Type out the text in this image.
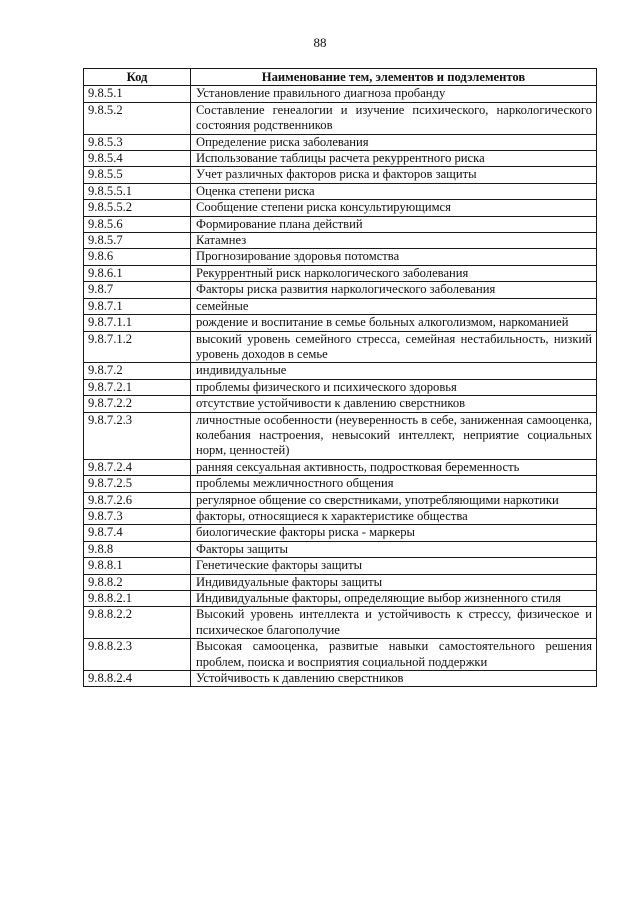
88
Код	Наименование тем, элементов и подэлементов
9.8.5.1	Установление правильного диагноза пробанду
9.8.5.2	Составление генеалогии и изучение психического, наркологического состояния родственников
9.8.5.3	Определение риска заболевания
9.8.5.4	Использование таблицы расчета рекуррентного риска
9.8.5.5	Учет различных факторов риска и факторов защиты
9.8.5.5.1	Оценка степени риска
9.8.5.5.2	Сообщение степени риска консультирующимся
9.8.5.6	Формирование плана действий
9.8.5.7	Катамнез
9.8.6	Прогнозирование здоровья потомства
9.8.6.1	Рекуррентный риск наркологического заболевания
9.8.7	Факторы риска развития наркологического заболевания
9.8.7.1	семейные
9.8.7.1.1	рождение и воспитание в семье больных алкоголизмом, наркоманией
9.8.7.1.2	высокий уровень семейного стресса, семейная нестабильность, низкий уровень доходов в семье
9.8.7.2	индивидуальные
9.8.7.2.1	проблемы физического и психического здоровья
9.8.7.2.2	отсутствие устойчивости к давлению сверстников
9.8.7.2.3	личностные особенности (неуверенность в себе, заниженная самооценка, колебания настроения, невысокий интеллект, неприятие социальных норм, ценностей)
9.8.7.2.4	ранняя сексуальная активность, подростковая беременность
9.8.7.2.5	проблемы межличностного общения
9.8.7.2.6	регулярное общение со сверстниками, употребляющими наркотики
9.8.7.3	факторы, относящиеся к характеристике общества
9.8.7.4	биологические факторы риска - маркеры
9.8.8	Факторы защиты
9.8.8.1	Генетические факторы защиты
9.8.8.2	Индивидуальные факторы защиты
9.8.8.2.1	Индивидуальные факторы, определяющие выбор жизненного стиля
9.8.8.2.2	Высокий уровень интеллекта и устойчивость к стрессу, физическое и психическое благополучие
9.8.8.2.3	Высокая самооценка, развитые навыки самостоятельного решения проблем, поиска и восприятия социальной поддержки
9.8.8.2.4	Устойчивость к давлению сверстников
